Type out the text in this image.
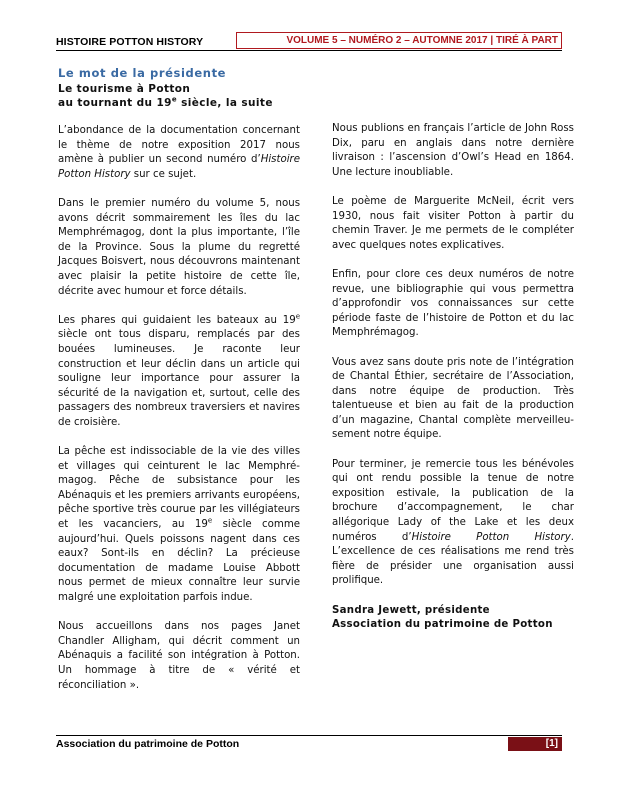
HISTOIRE POTTON HISTORY	VOLUME 5 – NUMÉRO 2 – AUTOMNE 2017 | TIRÉ À PART
Le mot de la présidente
Le tourisme à Potton
au tournant du 19e siècle, la suite

L’abondance de la documentation concernant le thème de notre exposition 2017 nous amène à publier un second numéro d’Histoire Potton History sur ce sujet.

Dans le premier numéro du volume 5, nous avons décrit sommairement les îles du lac Memphrémagog, dont la plus importante, l’île de la Province. Sous la plume du regretté Jacques Boisvert, nous découvrons maintenant avec plaisir la petite histoire de cette île, décrite avec humour et force détails.

Les phares qui guidaient les bateaux au 19e siècle ont tous disparu, remplacés par des bouées lumineuses. Je raconte leur construction et leur déclin dans un article qui souligne leur importance pour assurer la sécurité de la navigation et, surtout, celle des passagers des nombreux traversiers et navires de croisière.

La pêche est indissociable de la vie des villes et villages qui ceinturent le lac Memphré-magog. Pêche de subsistance pour les Abénaquis et les premiers arrivants européens, pêche sportive très courue par les villégiateurs et les vacanciers, au 19e siècle comme aujourd’hui. Quels poissons nagent dans ces eaux? Sont-ils en déclin? La précieuse documentation de madame Louise Abbott nous permet de mieux connaître leur survie malgré une exploitation parfois indue.

Nous accueillons dans nos pages Janet Chandler Alligham, qui décrit comment un Abénaquis a facilité son intégration à Potton. Un hommage à titre de « vérité et réconciliation ».

Nous publions en français l’article de John Ross Dix, paru en anglais dans notre dernière livraison : l’ascension d’Owl’s Head en 1864. Une lecture inoubliable.

Le poème de Marguerite McNeil, écrit vers 1930, nous fait visiter Potton à partir du chemin Traver. Je me permets de le compléter avec quelques notes explicatives.

Enfin, pour clore ces deux numéros de notre revue, une bibliographie qui vous permettra d’approfondir vos connaissances sur cette période faste de l’histoire de Potton et du lac Memphrémagog.

Vous avez sans doute pris note de l’intégration de Chantal Éthier, secrétaire de l’Association, dans notre équipe de production. Très talentueuse et bien au fait de la production d’un magazine, Chantal complète merveilleu-sement notre équipe.

Pour terminer, je remercie tous les bénévoles qui ont rendu possible la tenue de notre exposition estivale, la publication de la brochure d’accompagnement, le char allégorique Lady of the Lake et les deux numéros d’Histoire Potton History. L’excellence de ces réalisations me rend très fière de présider une organisation aussi prolifique.

Sandra Jewett, présidente
Association du patrimoine de Potton
Association du patrimoine de Potton	[1]
